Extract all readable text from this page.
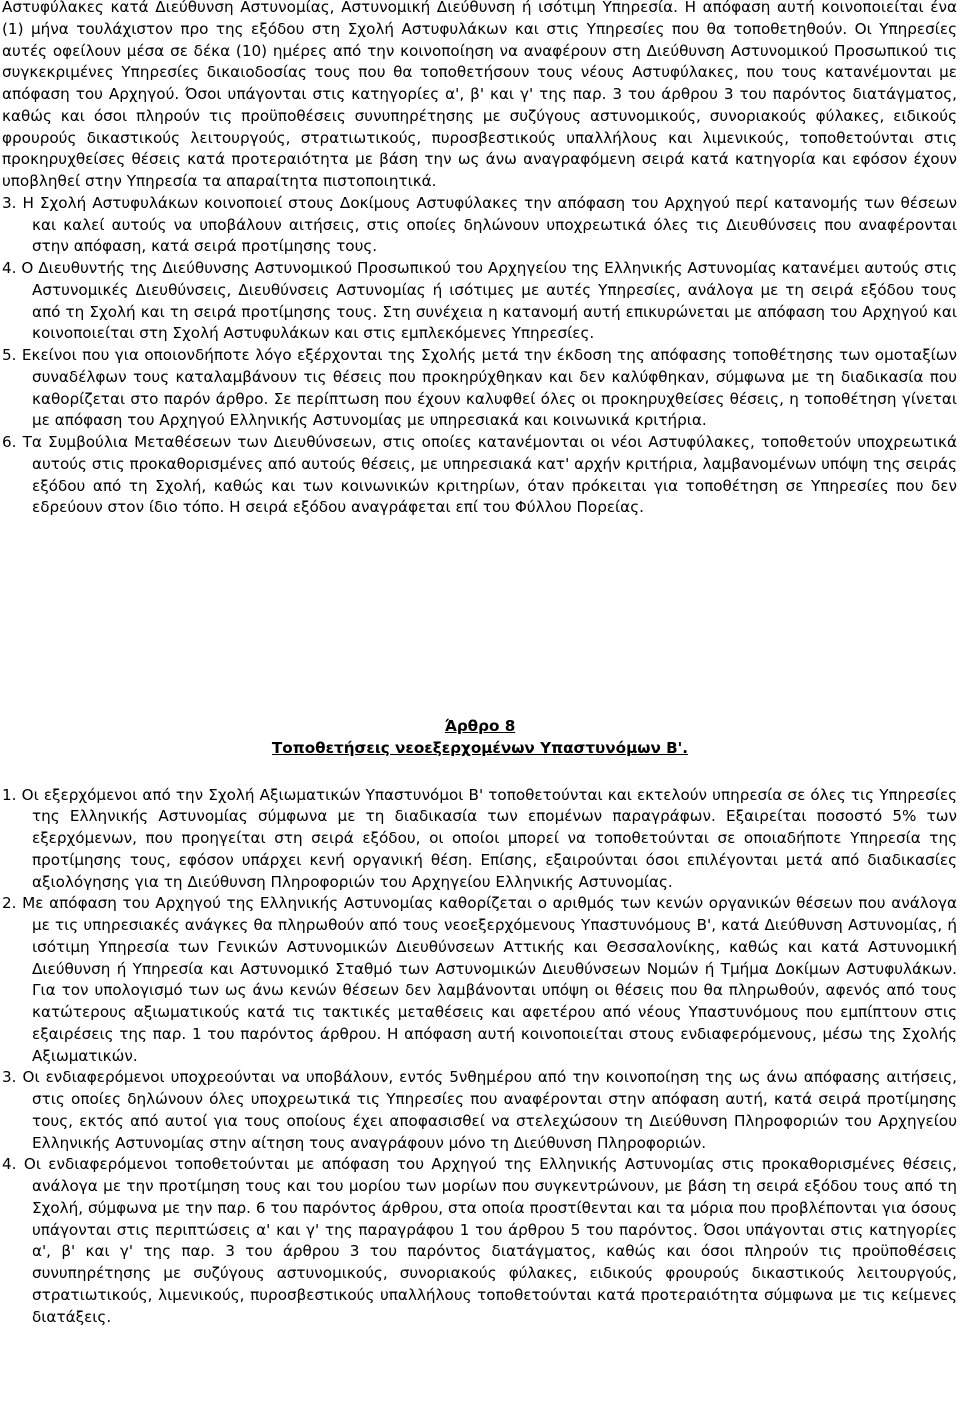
Αστυφύλακες κατά Διεύθυνση Αστυνομίας, Αστυνομική Διεύθυνση ή ισότιμη Υπηρεσία. Η απόφαση αυτή κοινοποιείται ένα (1) μήνα τουλάχιστον προ της εξόδου στη Σχολή Αστυφυλάκων και στις Υπηρεσίες που θα τοποθετηθούν. Οι Υπηρεσίες αυτές οφείλουν μέσα σε δέκα (10) ημέρες από την κοινοποίηση να αναφέρουν στη Διεύθυνση Αστυνομικού Προσωπικού τις συγκεκριμένες Υπηρεσίες δικαιοδοσίας τους που θα τοποθετήσουν τους νέους Αστυφύλακες, που τους κατανέμονται με απόφαση του Αρχηγού. Όσοι υπάγονται στις κατηγορίες α', β' και γ' της παρ. 3 του άρθρου 3 του παρόντος διατάγματος, καθώς και όσοι πληρούν τις προϋποθέσεις συνυπηρέτησης με συζύγους αστυνομικούς, συνοριακούς φύλακες, ειδικούς φρουρούς δικαστικούς λειτουργούς, στρατιωτικούς, πυροσβεστικούς υπαλλήλους και λιμενικούς, τοποθετούνται στις προκηρυχθείσες θέσεις κατά προτεραιότητα με βάση την ως άνω αναγραφόμενη σειρά κατά κατηγορία και εφόσον έχουν υποβληθεί στην Υπηρεσία τα απαραίτητα πιστοποιητικά.

3. Η Σχολή Αστυφυλάκων κοινοποιεί στους Δοκίμους Αστυφύλακες την απόφαση του Αρχηγού περί κατανομής των θέσεων και καλεί αυτούς να υποβάλουν αιτήσεις, στις οποίες δηλώνουν υποχρεωτικά όλες τις Διευθύνσεις που αναφέρονται στην απόφαση, κατά σειρά προτίμησης τους.

4. Ο Διευθυντής της Διεύθυνσης Αστυνομικού Προσωπικού του Αρχηγείου της Ελληνικής Αστυνομίας κατανέμει αυτούς στις Αστυνομικές Διευθύνσεις, Διευθύνσεις Αστυνομίας ή ισότιμες με αυτές Υπηρεσίες, ανάλογα με τη σειρά εξόδου τους από τη Σχολή και τη σειρά προτίμησης τους. Στη συνέχεια η κατανομή αυτή επικυρώνεται με απόφαση του Αρχηγού και κοινοποιείται στη Σχολή Αστυφυλάκων και στις εμπλεκόμενες Υπηρεσίες.

5. Εκείνοι που για οποιονδήποτε λόγο εξέρχονται της Σχολής μετά την έκδοση της απόφασης τοποθέτησης των ομοταξίων συναδέλφων τους καταλαμβάνουν τις θέσεις που προκηρύχθηκαν και δεν καλύφθηκαν, σύμφωνα με τη διαδικασία που καθορίζεται στο παρόν άρθρο. Σε περίπτωση που έχουν καλυφθεί όλες οι προκηρυχθείσες θέσεις, η τοποθέτηση γίνεται με απόφαση του Αρχηγού Ελληνικής Αστυνομίας με υπηρεσιακά και κοινωνικά κριτήρια.

6. Τα Συμβούλια Μεταθέσεων των Διευθύνσεων, στις οποίες κατανέμονται οι νέοι Αστυφύλακες, τοποθετούν υποχρεωτικά αυτούς στις προκαθορισμένες από αυτούς θέσεις, με υπηρεσιακά κατ' αρχήν κριτήρια, λαμβανομένων υπόψη της σειράς εξόδου από τη Σχολή, καθώς και των κοινωνικών κριτηρίων, όταν πρόκειται για τοποθέτηση σε Υπηρεσίες που δεν εδρεύουν στον ίδιο τόπο. Η σειρά εξόδου αναγράφεται επί του Φύλλου Πορείας.

Άρθρο 8
Τοποθετήσεις νεοεξερχομένων Υπαστυνόμων Β'.

1. Οι εξερχόμενοι από την Σχολή Αξιωματικών Υπαστυνόμοι Β' τοποθετούνται και εκτελούν υπηρεσία σε όλες τις Υπηρεσίες της Ελληνικής Αστυνομίας σύμφωνα με τη διαδικασία των επομένων παραγράφων. Εξαιρείται ποσοστό 5% των εξερχόμενων, που προηγείται στη σειρά εξόδου, οι οποίοι μπορεί να τοποθετούνται σε οποιαδήποτε Υπηρεσία της προτίμησης τους, εφόσον υπάρχει κενή οργανική θέση. Επίσης, εξαιρούνται όσοι επιλέγονται μετά από διαδικασίες αξιολόγησης για τη Διεύθυνση Πληροφοριών του Αρχηγείου Ελληνικής Αστυνομίας.

2. Με απόφαση του Αρχηγού της Ελληνικής Αστυνομίας καθορίζεται ο αριθμός των κενών οργανικών θέσεων που ανάλογα με τις υπηρεσιακές ανάγκες θα πληρωθούν από τους νεοεξερχόμενους Υπαστυνόμους Β', κατά Διεύθυνση Αστυνομίας, ή ισότιμη Υπηρεσία των Γενικών Αστυνομικών Διευθύνσεων Αττικής και Θεσσαλονίκης, καθώς και κατά Αστυνομική Διεύθυνση ή Υπηρεσία και Αστυνομικό Σταθμό των Αστυνομικών Διευθύνσεων Νομών ή Τμήμα Δοκίμων Αστυφυλάκων. Για τον υπολογισμό των ως άνω κενών θέσεων δεν λαμβάνονται υπόψη οι θέσεις που θα πληρωθούν, αφενός από τους κατώτερους αξιωματικούς κατά τις τακτικές μεταθέσεις και αφετέρου από νέους Υπαστυνόμους που εμπίπτουν στις εξαιρέσεις της παρ. 1 του παρόντος άρθρου. Η απόφαση αυτή κοινοποιείται στους ενδιαφερόμενους, μέσω της Σχολής Αξιωματικών.

3. Οι ενδιαφερόμενοι υποχρεούνται να υποβάλουν, εντός 5νθημέρου από την κοινοποίηση της ως άνω απόφασης αιτήσεις, στις οποίες δηλώνουν όλες υποχρεωτικά τις Υπηρεσίες που αναφέρονται στην απόφαση αυτή, κατά σειρά προτίμησης τους, εκτός από αυτοί για τους οποίους έχει αποφασισθεί να στελεχώσουν τη Διεύθυνση Πληροφοριών του Αρχηγείου Ελληνικής Αστυνομίας στην αίτηση τους αναγράφουν μόνο τη Διεύθυνση Πληροφοριών.

4. Οι ενδιαφερόμενοι τοποθετούνται με απόφαση του Αρχηγού της Ελληνικής Αστυνομίας στις προκαθορισμένες θέσεις, ανάλογα με την προτίμηση τους και του μορίου των μορίων που συγκεντρώνουν, με βάση τη σειρά εξόδου τους από τη Σχολή, σύμφωνα με την παρ. 6 του παρόντος άρθρου, στα οποία προστίθενται και τα μόρια που προβλέπονται για όσους υπάγονται στις περιπτώσεις α' και γ' της παραγράφου 1 του άρθρου 5 του παρόντος. Όσοι υπάγονται στις κατηγορίες α', β' και γ' της παρ. 3 του άρθρου 3 του παρόντος διατάγματος, καθώς και όσοι πληρούν τις προϋποθέσεις συνυπηρέτησης με συζύγους αστυνομικούς, συνοριακούς φύλακες, ειδικούς φρουρούς δικαστικούς λειτουργούς, στρατιωτικούς, λιμενικούς, πυροσβεστικούς υπαλλήλους τοποθετούνται κατά προτεραιότητα σύμφωνα με τις κείμενες διατάξεις.
